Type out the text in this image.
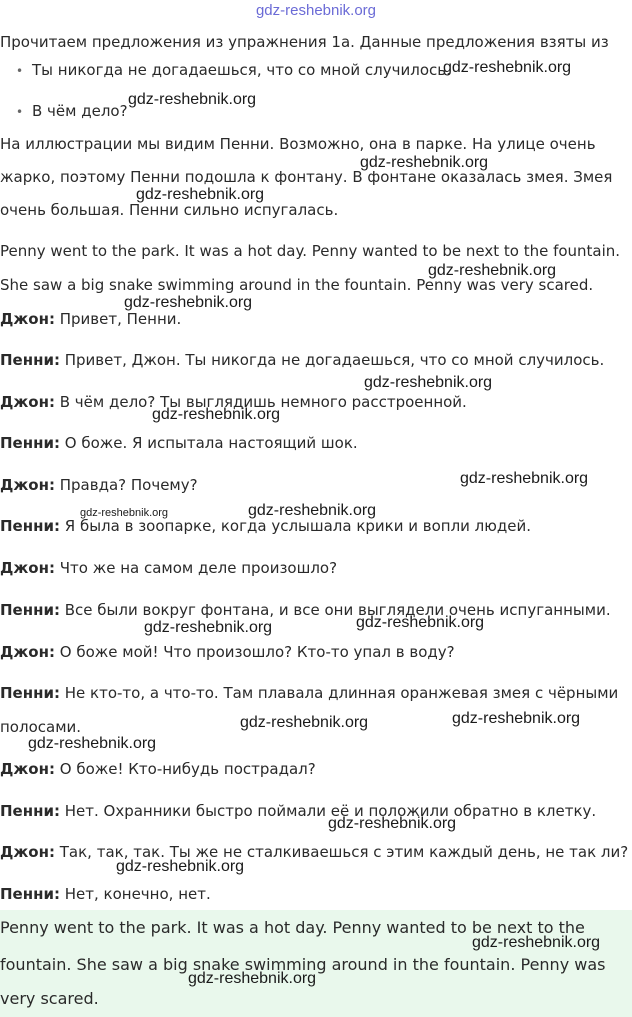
gdz-reshebnik.org
Прочитаем предложения из упражнения 1а. Данные предложения взяты из
• Ты никогда не догадаешься, что со мной случилось.
• В чём дело?
На иллюстрации мы видим Пенни. Возможно, она в парке. На улице очень
жарко, поэтому Пенни подошла к фонтану. В фонтане оказалась змея. Змея
очень большая. Пенни сильно испугалась.
Penny went to the park. It was a hot day. Penny wanted to be next to the fountain.
She saw a big snake swimming around in the fountain. Penny was very scared.
Джон: Привет, Пенни.
Пенни: Привет, Джон. Ты никогда не догадаешься, что со мной случилось.
Джон: В чём дело? Ты выглядишь немного расстроенной.
Пенни: О боже. Я испытала настоящий шок.
Джон: Правда? Почему?
Пенни: Я была в зоопарке, когда услышала крики и вопли людей.
Джон: Что же на самом деле произошло?
Пенни: Все были вокруг фонтана, и все они выглядели очень испуганными.
Джон: О боже мой! Что произошло? Кто-то упал в воду?
Пенни: Не кто-то, а что-то. Там плавала длинная оранжевая змея с чёрными
полосами.
Джон: О боже! Кто-нибудь пострадал?
Пенни: Нет. Охранники быстро поймали её и положили обратно в клетку.
Джон: Так, так, так. Ты же не сталкиваешься с этим каждый день, не так ли?
Пенни: Нет, конечно, нет.
Penny went to the park. It was a hot day. Penny wanted to be next to the
fountain. She saw a big snake swimming around in the fountain. Penny was
very scared.
gdz-reshebnik.org
gdz-reshebnik.org
gdz-reshebnik.org
gdz-reshebnik.org
gdz-reshebnik.org
gdz-reshebnik.org
gdz-reshebnik.org
gdz-reshebnik.org
gdz-reshebnik.org
gdz-reshebnik.org	gdz-reshebnik.org
gdz-reshebnik.org	gdz-reshebnik.org
gdz-reshebnik.org	gdz-reshebnik.org
gdz-reshebnik.org
gdz-reshebnik.org
gdz-reshebnik.org
gdz-reshebnik.org
gdz-reshebnik.org
